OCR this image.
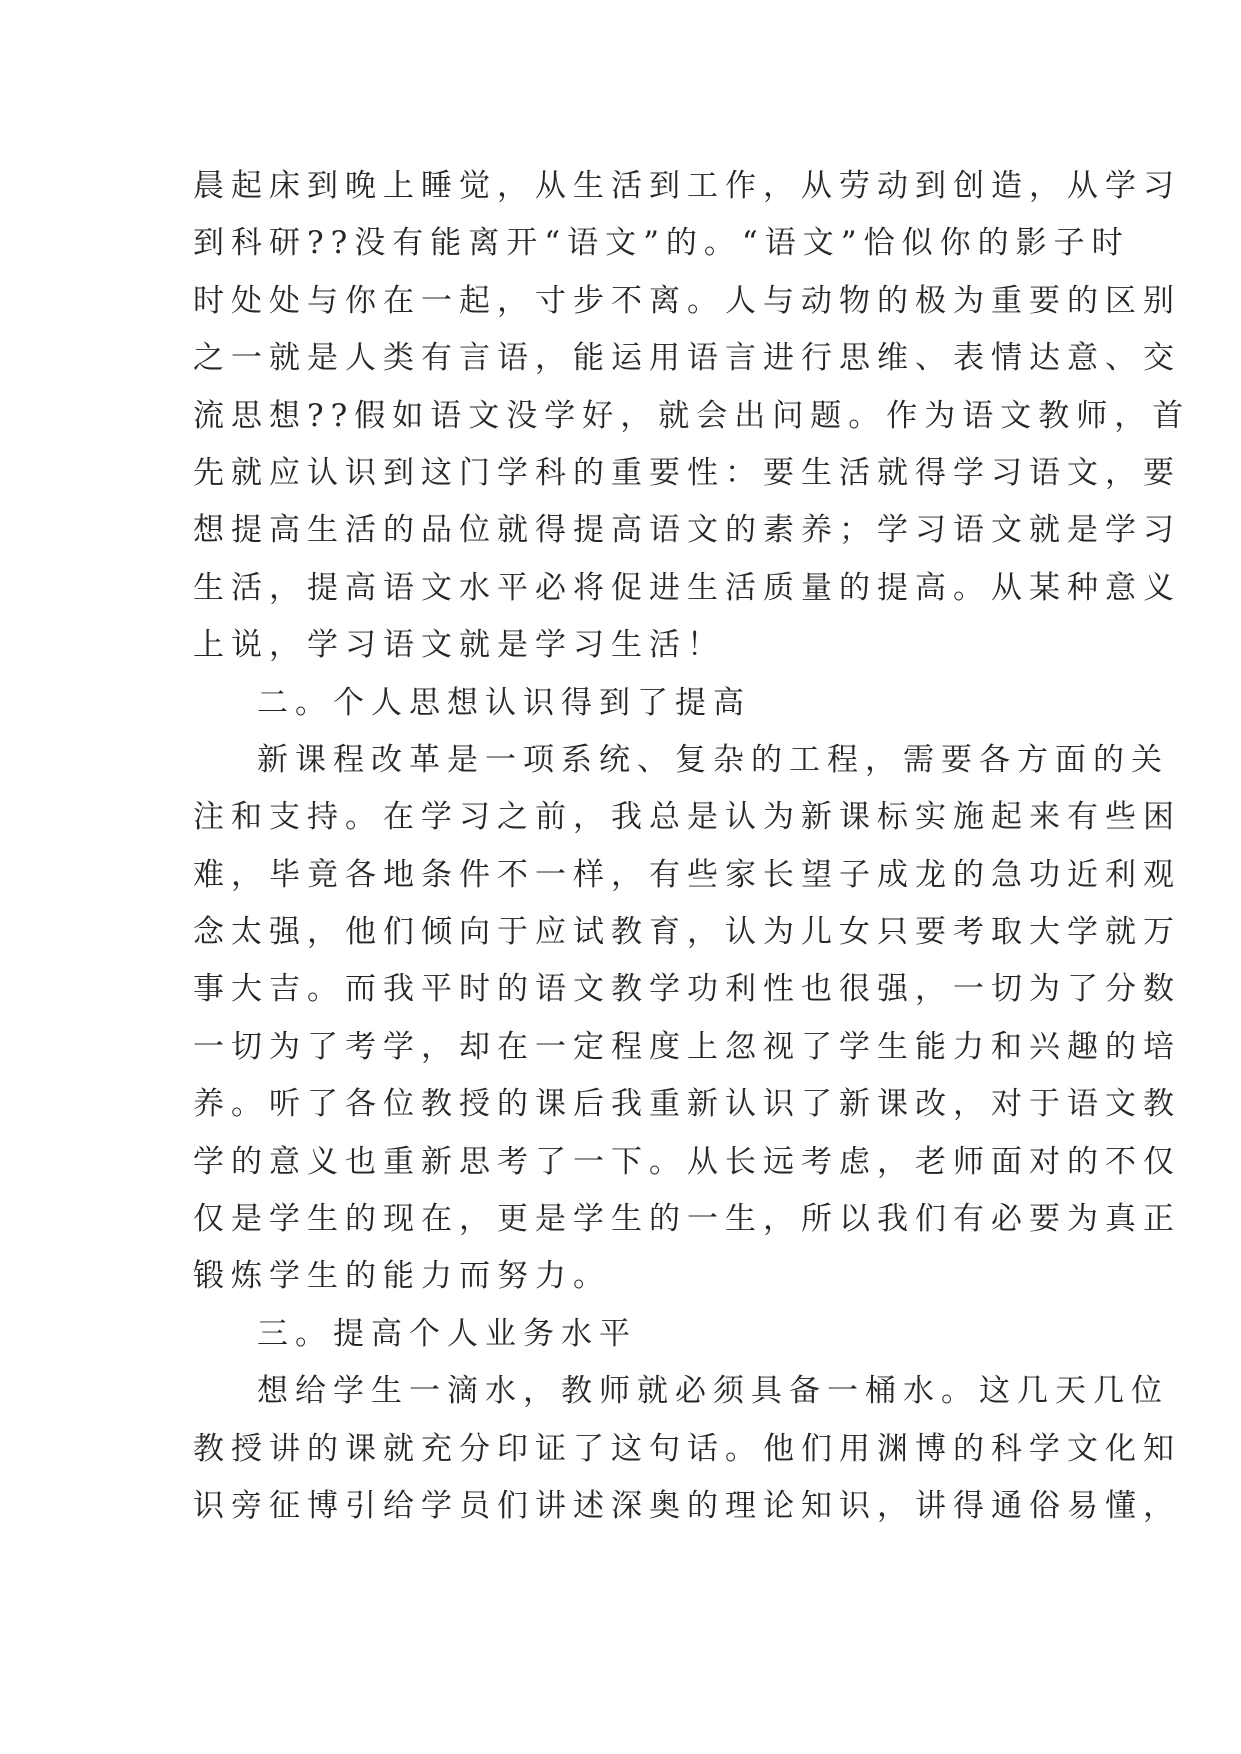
晨起床到晚上睡觉，从生活到工作，从劳动到创造，从学习
到科研??没有能离开“语文”的。“语文”恰似你的影子时
时处处与你在一起，寸步不离。人与动物的极为重要的区别
之一就是人类有言语，能运用语言进行思维、表情达意、交
流思想??假如语文没学好，就会出问题。作为语文教师，首
先就应认识到这门学科的重要性：要生活就得学习语文，要
想提高生活的品位就得提高语文的素养；学习语文就是学习
生活，提高语文水平必将促进生活质量的提高。从某种意义
上说，学习语文就是学习生活！
二。个人思想认识得到了提高
新课程改革是一项系统、复杂的工程，需要各方面的关
注和支持。在学习之前，我总是认为新课标实施起来有些困
难，毕竟各地条件不一样，有些家长望子成龙的急功近利观
念太强，他们倾向于应试教育，认为儿女只要考取大学就万
事大吉。而我平时的语文教学功利性也很强，一切为了分数
一切为了考学，却在一定程度上忽视了学生能力和兴趣的培
养。听了各位教授的课后我重新认识了新课改，对于语文教
学的意义也重新思考了一下。从长远考虑，老师面对的不仅
仅是学生的现在，更是学生的一生，所以我们有必要为真正
锻炼学生的能力而努力。
三。提高个人业务水平
想给学生一滴水，教师就必须具备一桶水。这几天几位
教授讲的课就充分印证了这句话。他们用渊博的科学文化知
识旁征博引给学员们讲述深奥的理论知识，讲得通俗易懂，
